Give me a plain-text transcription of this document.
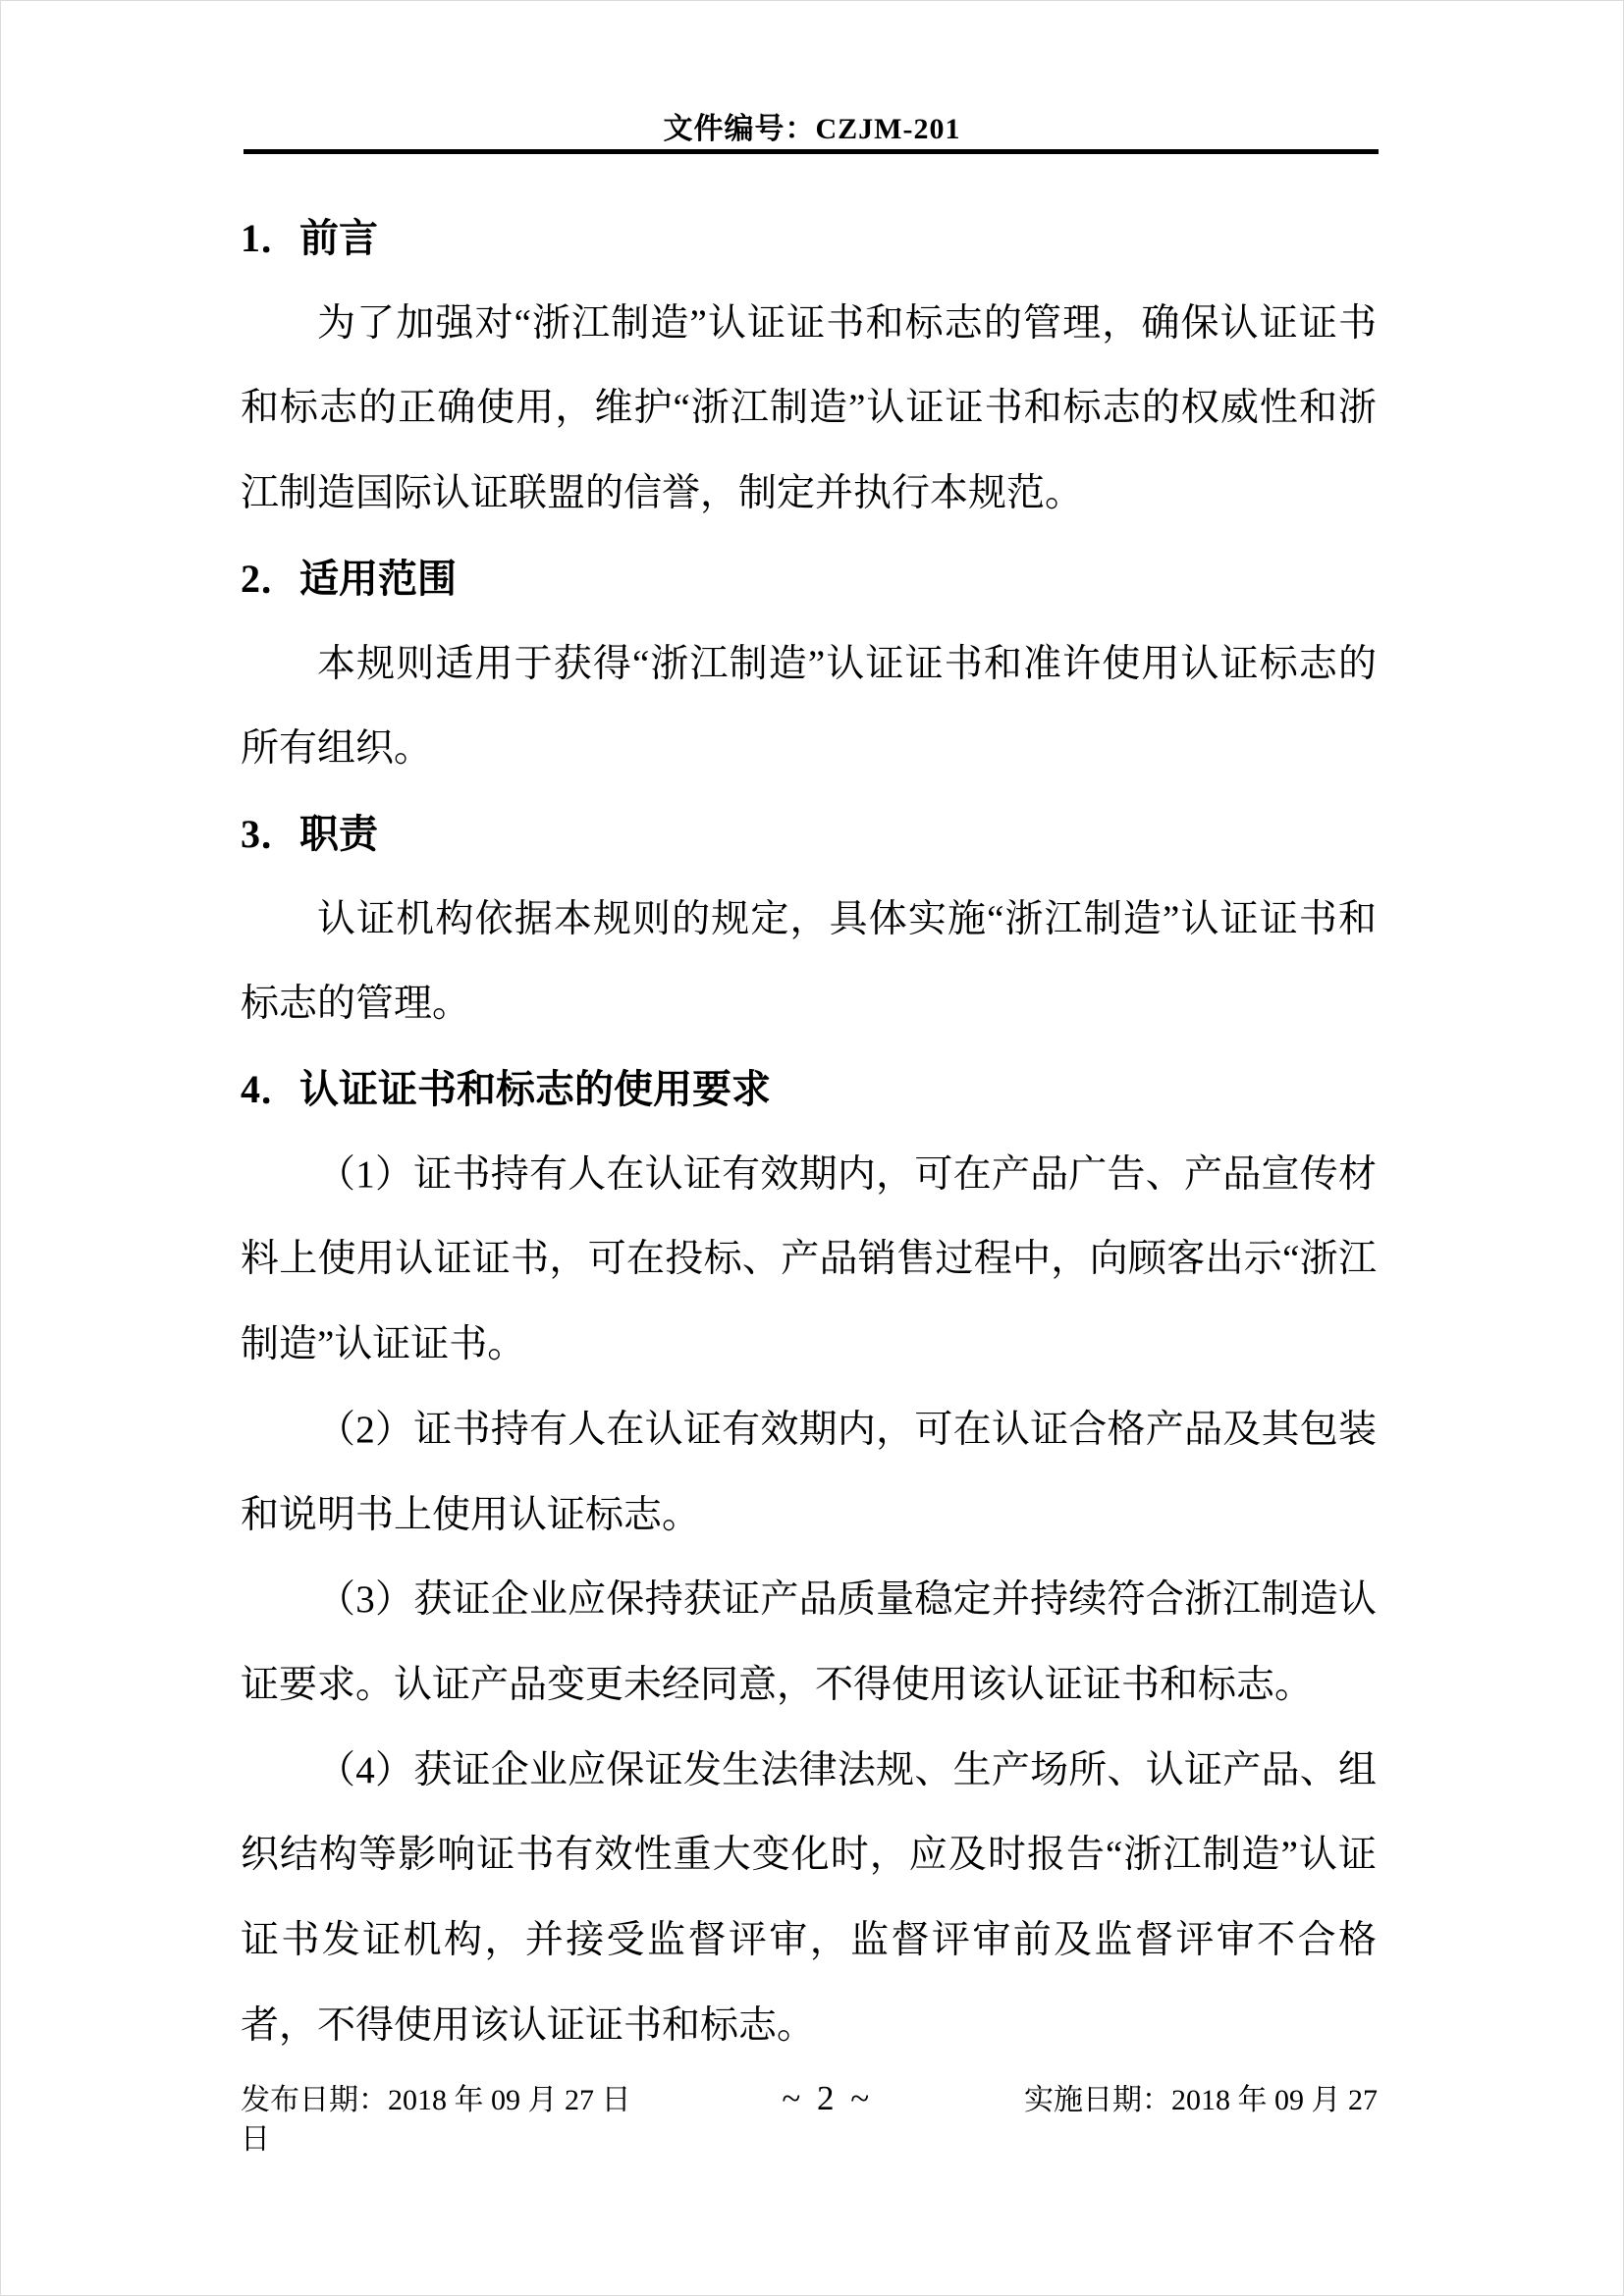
文件编号：CZJM-201
1．前言

为了加强对“浙江制造”认证证书和标志的管理，确保认证证书和标志的正确使用，维护“浙江制造”认证证书和标志的权威性和浙江制造国际认证联盟的信誉，制定并执行本规范。

2．适用范围

本规则适用于获得“浙江制造”认证证书和准许使用认证标志的所有组织。

3．职责

认证机构依据本规则的规定，具体实施“浙江制造”认证证书和标志的管理。

4．认证证书和标志的使用要求

（1）证书持有人在认证有效期内，可在产品广告、产品宣传材料上使用认证证书，可在投标、产品销售过程中，向顾客出示“浙江制造”认证证书。

（2）证书持有人在认证有效期内，可在认证合格产品及其包装和说明书上使用认证标志。

（3）获证企业应保持获证产品质量稳定并持续符合浙江制造认证要求。认证产品变更未经同意，不得使用该认证证书和标志。

（4）获证企业应保证发生法律法规、生产场所、认证产品、组织结构等影响证书有效性重大变化时，应及时报告“浙江制造”认证证书发证机构，并接受监督评审，监督评审前及监督评审不合格者，不得使用该认证证书和标志。

发布日期：2018 年 09 月 27 日	~ 2 ~	实施日期：2018 年 09 月 27
日
